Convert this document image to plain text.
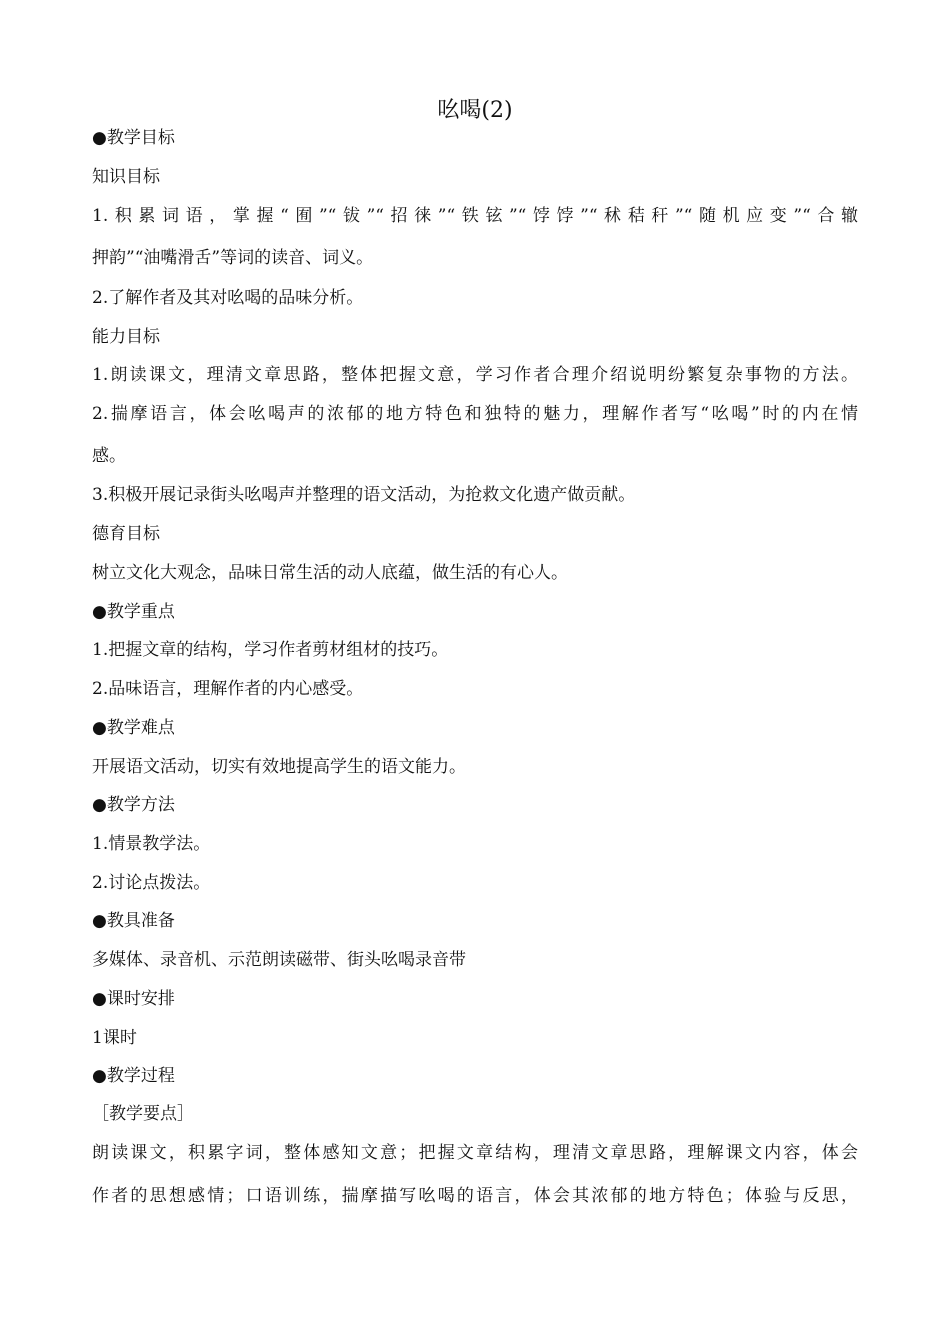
吆喝(2)
●教学目标
知识目标
1.积累词语，掌握“囿”“钹”“招徕”“铁铉”“饽饽”“秫秸秆”“随机应变”“合辙
押韵”“油嘴滑舌”等词的读音、词义。
2.了解作者及其对吆喝的品味分析。
能力目标
1.朗读课文，理清文章思路，整体把握文意，学习作者合理介绍说明纷繁复杂事物的方法。
2.揣摩语言，体会吆喝声的浓郁的地方特色和独特的魅力，理解作者写“吆喝”时的内在情
感。
3.积极开展记录街头吆喝声并整理的语文活动，为抢救文化遗产做贡献。
德育目标
树立文化大观念，品味日常生活的动人底蕴，做生活的有心人。
●教学重点
1.把握文章的结构，学习作者剪材组材的技巧。
2.品味语言，理解作者的内心感受。
●教学难点
开展语文活动，切实有效地提高学生的语文能力。
●教学方法
1.情景教学法。
2.讨论点拨法。
●教具准备
多媒体、录音机、示范朗读磁带、街头吆喝录音带
●课时安排
1课时
●教学过程
［教学要点］
朗读课文，积累字词，整体感知文意；把握文章结构，理清文章思路，理解课文内容，体会
作者的思想感情；口语训练，揣摩描写吆喝的语言，体会其浓郁的地方特色；体验与反思，
